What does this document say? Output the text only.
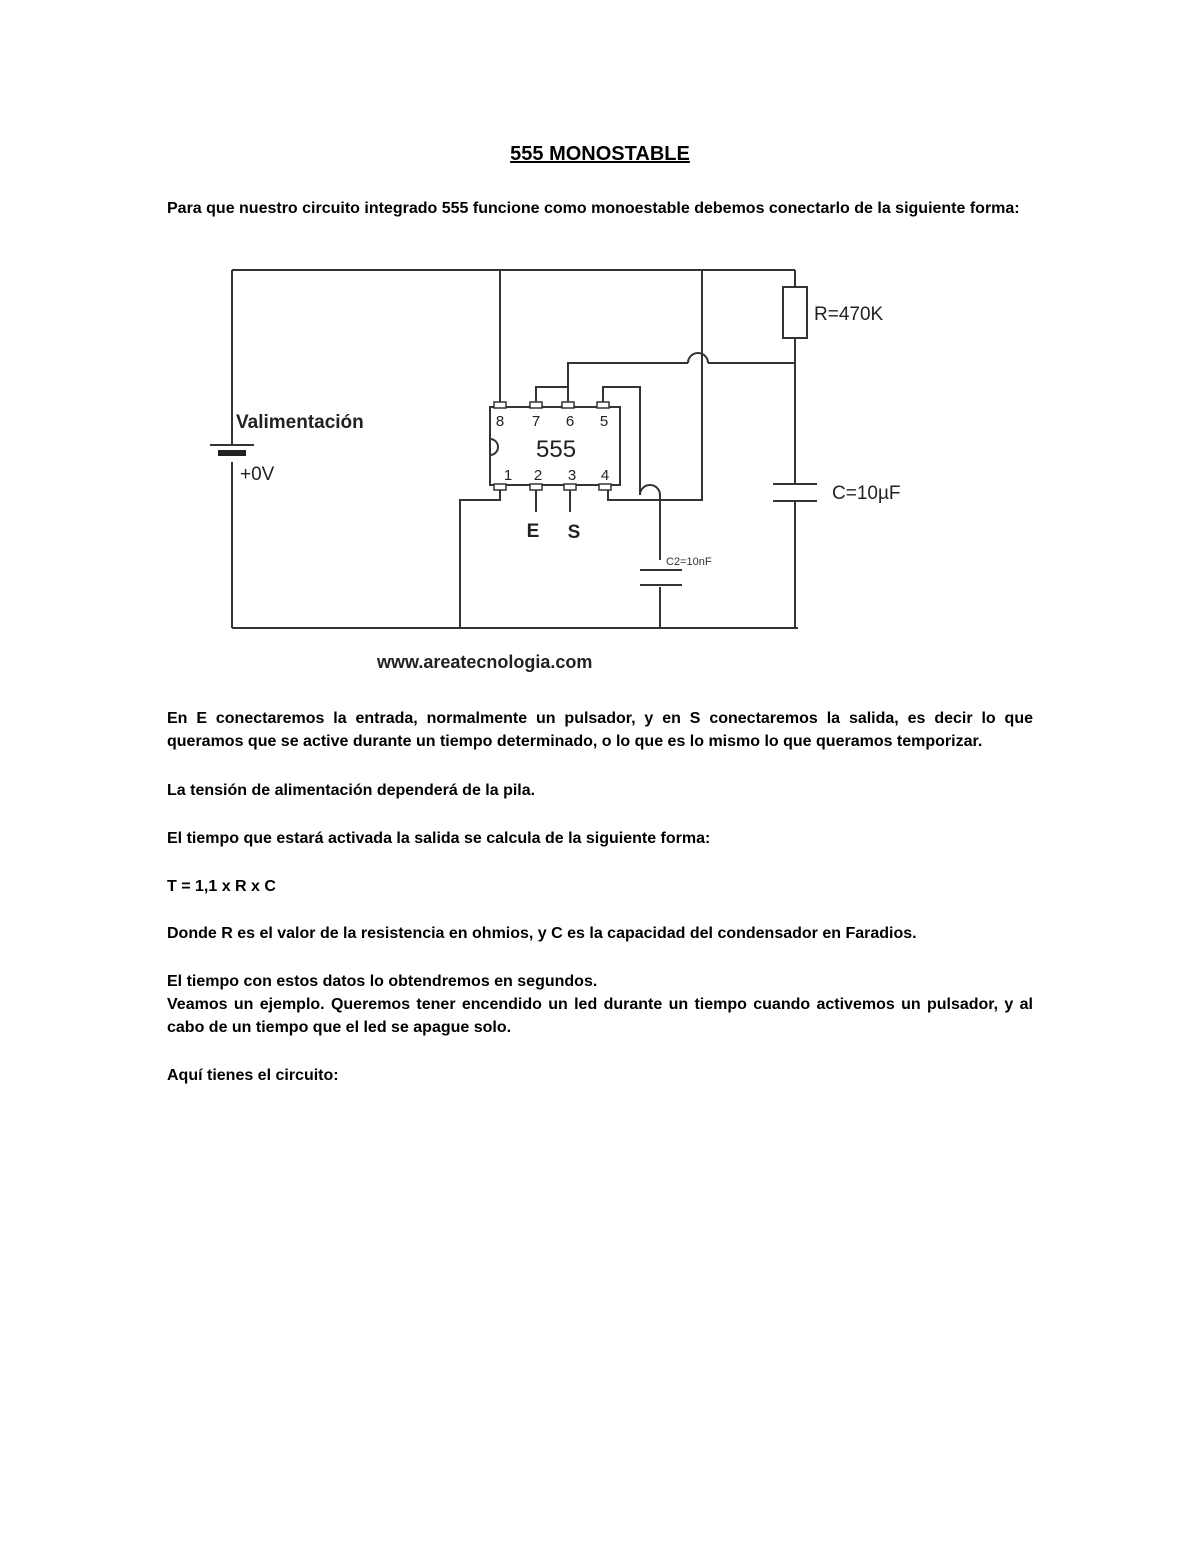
555 MONOSTABLE
Para que nuestro circuito integrado 555 funcione como monoestable debemos conectarlo de la siguiente forma:
555
8 7 6 5
1 2 3 4
E S
Valimentación
+0V
R=470K
C=10µF
C2=10nF
www.areatecnologia.com
En E conectaremos la entrada, normalmente un pulsador, y en S conectaremos la salida, es decir lo que queramos que se active durante un tiempo determinado, o lo que es lo mismo lo que queramos temporizar.
La tensión de alimentación dependerá de la pila.
El tiempo que estará activada la salida se calcula de la siguiente forma:
T = 1,1 x R x C
Donde R es el valor de la resistencia en ohmios, y C es la capacidad del condensador en Faradios.
El tiempo con estos datos lo obtendremos en segundos.
Veamos un ejemplo. Queremos tener encendido un led durante un tiempo cuando activemos un pulsador, y al cabo de un tiempo que el led se apague solo.
Aquí tienes el circuito:
